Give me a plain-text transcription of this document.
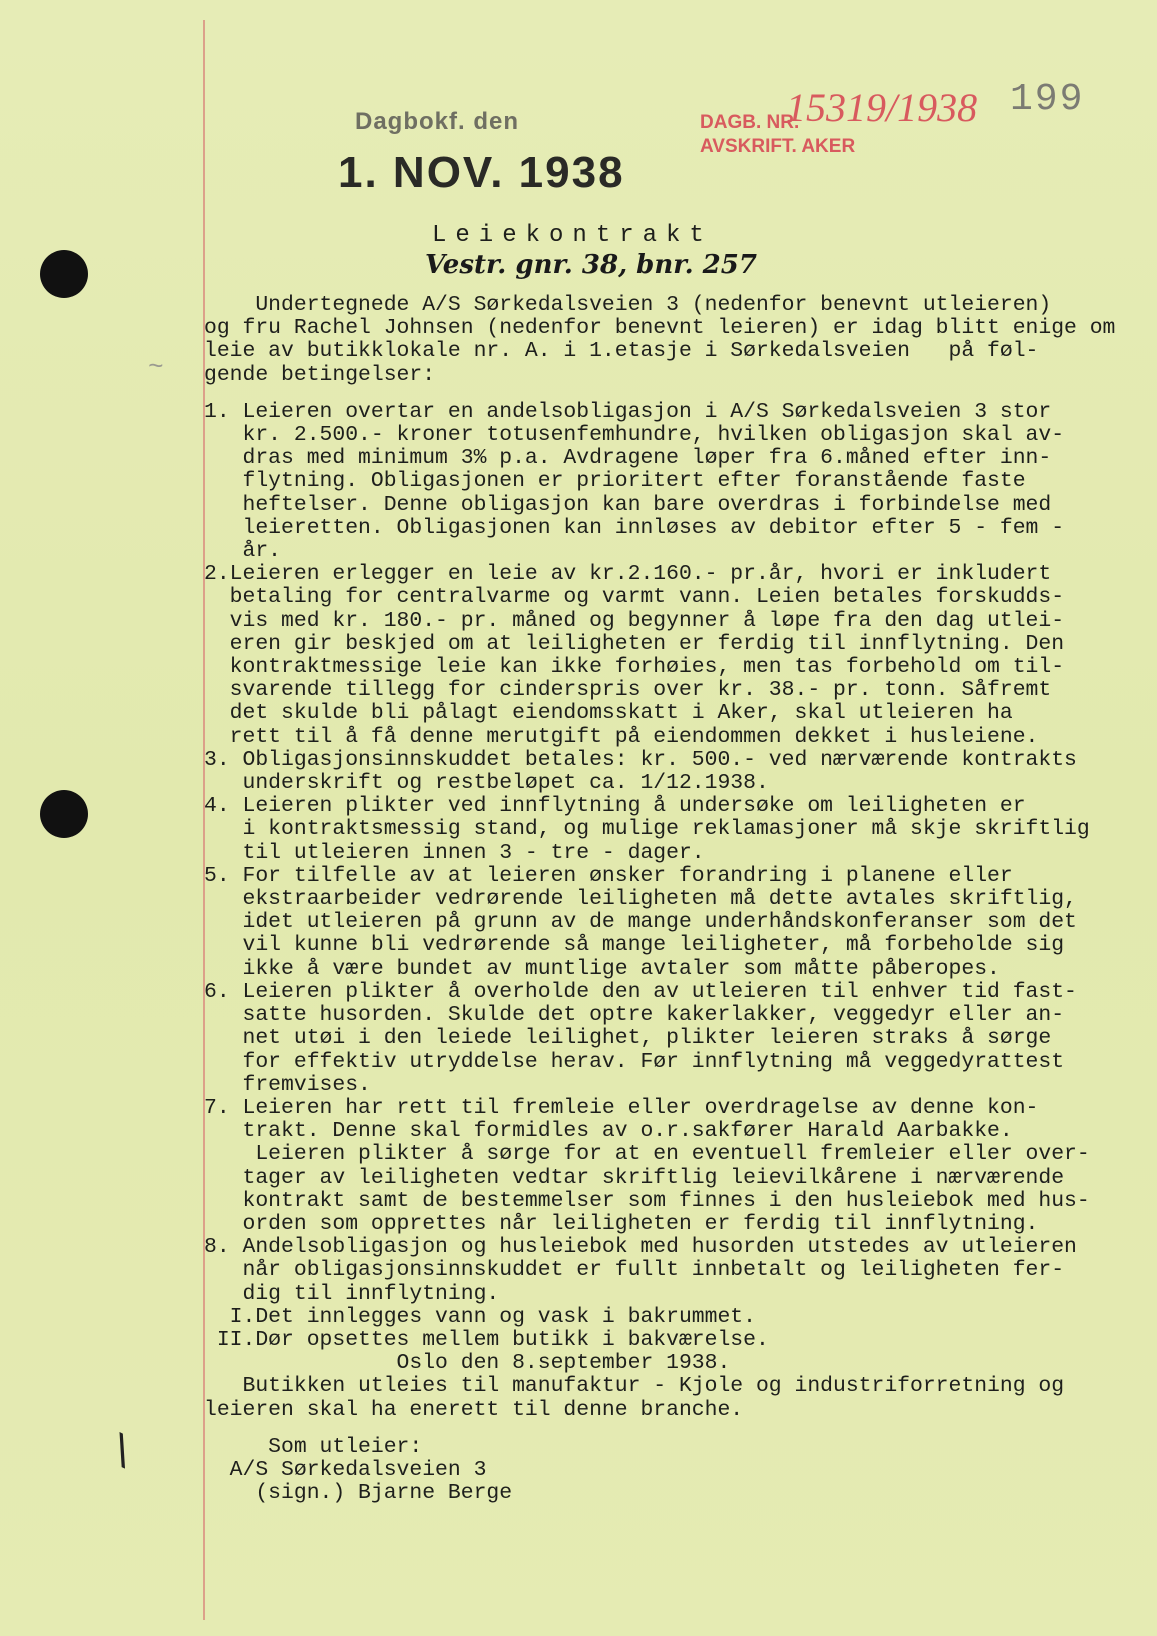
Dagbokf. den
1. NOV. 1938
DAGB. NR.
AVSKRIFT. AKER
15319/1938 199
Leiekontrakt
Vestr. gnr. 38, bnr. 257
~
Undertegnede A/S Sørkedalsveien 3 (nedenfor benevnt utleieren)
og fru Rachel Johnsen (nedenfor benevnt leieren) er idag blitt enige om
leie av butikklokale nr. A. i 1.etasje i Sørkedalsveien   på føl-
gende betingelser:

1. Leieren overtar en andelsobligasjon i A/S Sørkedalsveien 3 stor
kr. 2.500.- kroner totusenfemhundre, hvilken obligasjon skal av-
dras med minimum 3% p.a. Avdragene løper fra 6.måned efter inn-
flytning. Obligasjonen er prioritert efter foranstående faste
heftelser. Denne obligasjon kan bare overdras i forbindelse med
leieretten. Obligasjonen kan innløses av debitor efter 5 - fem -
år.
2.Leieren erlegger en leie av kr.2.160.- pr.år, hvori er inkludert
betaling for centralvarme og varmt vann. Leien betales forskudds-
vis med kr. 180.- pr. måned og begynner å løpe fra den dag utlei-
eren gir beskjed om at leiligheten er ferdig til innflytning. Den
kontraktmessige leie kan ikke forhøies, men tas forbehold om til-
svarende tillegg for cinderspris over kr. 38.- pr. tonn. Såfremt
det skulde bli pålagt eiendomsskatt i Aker, skal utleieren ha
rett til å få denne merutgift på eiendommen dekket i husleiene.
3. Obligasjonsinnskuddet betales: kr. 500.- ved nærværende kontrakts
underskrift og restbeløpet ca. 1/12.1938.
4. Leieren plikter ved innflytning å undersøke om leiligheten er
i kontraktsmessig stand, og mulige reklamasjoner må skje skriftlig
til utleieren innen 3 - tre - dager.
5. For tilfelle av at leieren ønsker forandring i planene eller
ekstraarbeider vedrørende leiligheten må dette avtales skriftlig,
idet utleieren på grunn av de mange underhåndskonferanser som det
vil kunne bli vedrørende så mange leiligheter, må forbeholde sig
ikke å være bundet av muntlige avtaler som måtte påberopes.
6. Leieren plikter å overholde den av utleieren til enhver tid fast-
satte husorden. Skulde det optre kakerlakker, veggedyr eller an-
net utøi i den leiede leilighet, plikter leieren straks å sørge
for effektiv utryddelse herav. Før innflytning må veggedyrattest
fremvises.
7. Leieren har rett til fremleie eller overdragelse av denne kon-
trakt. Denne skal formidles av o.r.sakfører Harald Aarbakke.
Leieren plikter å sørge for at en eventuell fremleier eller over-
tager av leiligheten vedtar skriftlig leievilkårene i nærværende
kontrakt samt de bestemmelser som finnes i den husleiebok med hus-
orden som opprettes når leiligheten er ferdig til innflytning.
8. Andelsobligasjon og husleiebok med husorden utstedes av utleieren
når obligasjonsinnskuddet er fullt innbetalt og leiligheten fer-
dig til innflytning.
I.Det innlegges vann og vask i bakrummet.
II.Dør opsettes mellem butikk i bakværelse.
Oslo den 8.september 1938.
Butikken utleies til manufaktur - Kjole og industriforretning og
leieren skal ha enerett til denne branche.

Som utleier:
A/S Sørkedalsveien 3
(sign.) Bjarne Berge
\
